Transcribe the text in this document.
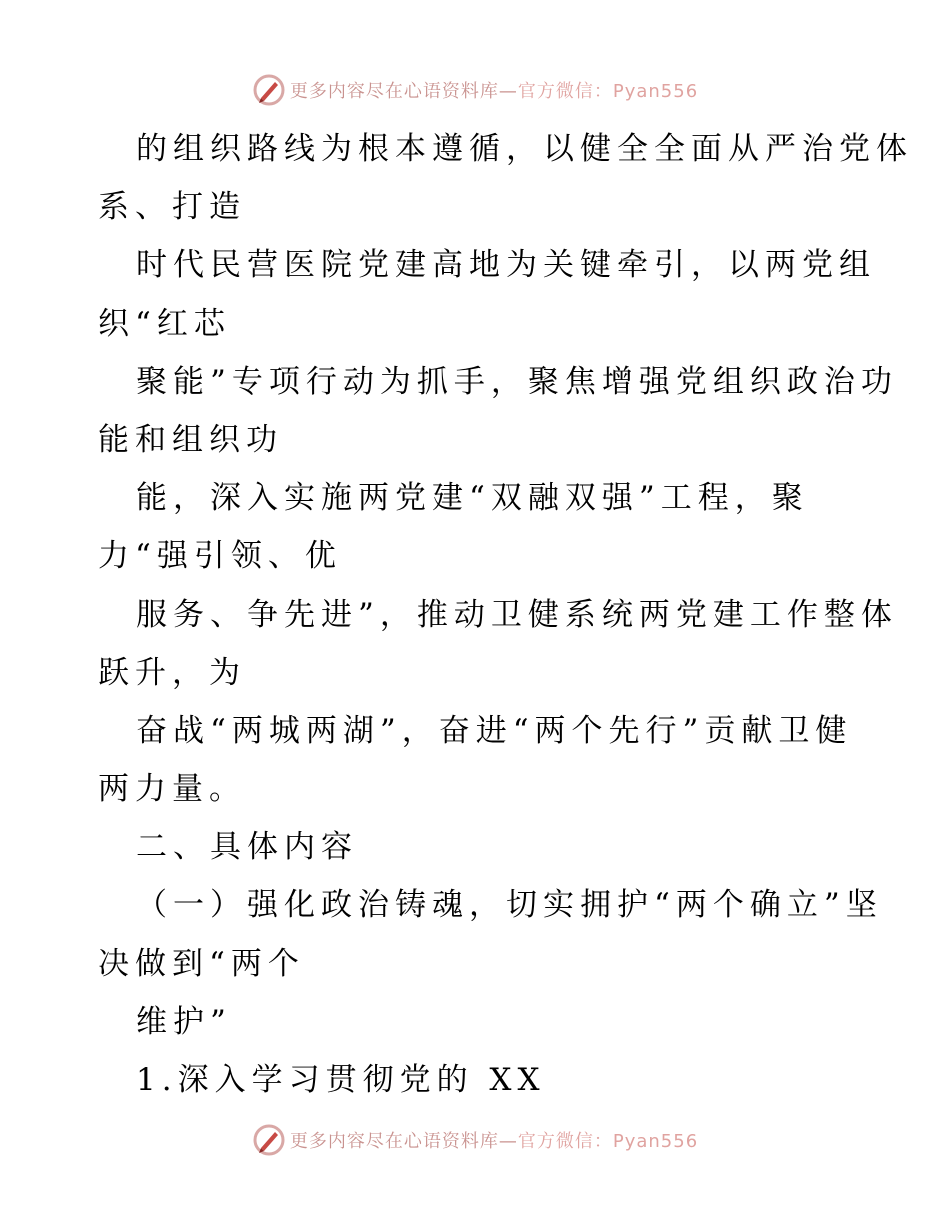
更多内容尽在心语资料库—官方微信：Pyan556
的组织路线为根本遵循，以健全全面从严治党体
系、打造
时代民营医院党建高地为关键牵引，以两党组
织“红芯
聚能”专项行动为抓手，聚焦增强党组织政治功
能和组织功
能，深入实施两党建“双融双强”工程，聚
力“强引领、优
服务、争先进”，推动卫健系统两党建工作整体
跃升，为
奋战“两城两湖”，奋进“两个先行”贡献卫健
两力量。
二、具体内容
（一）强化政治铸魂，切实拥护“两个确立”坚
决做到“两个
维护”
1.深入学习贯彻党的 XX
更多内容尽在心语资料库—官方微信：Pyan556
